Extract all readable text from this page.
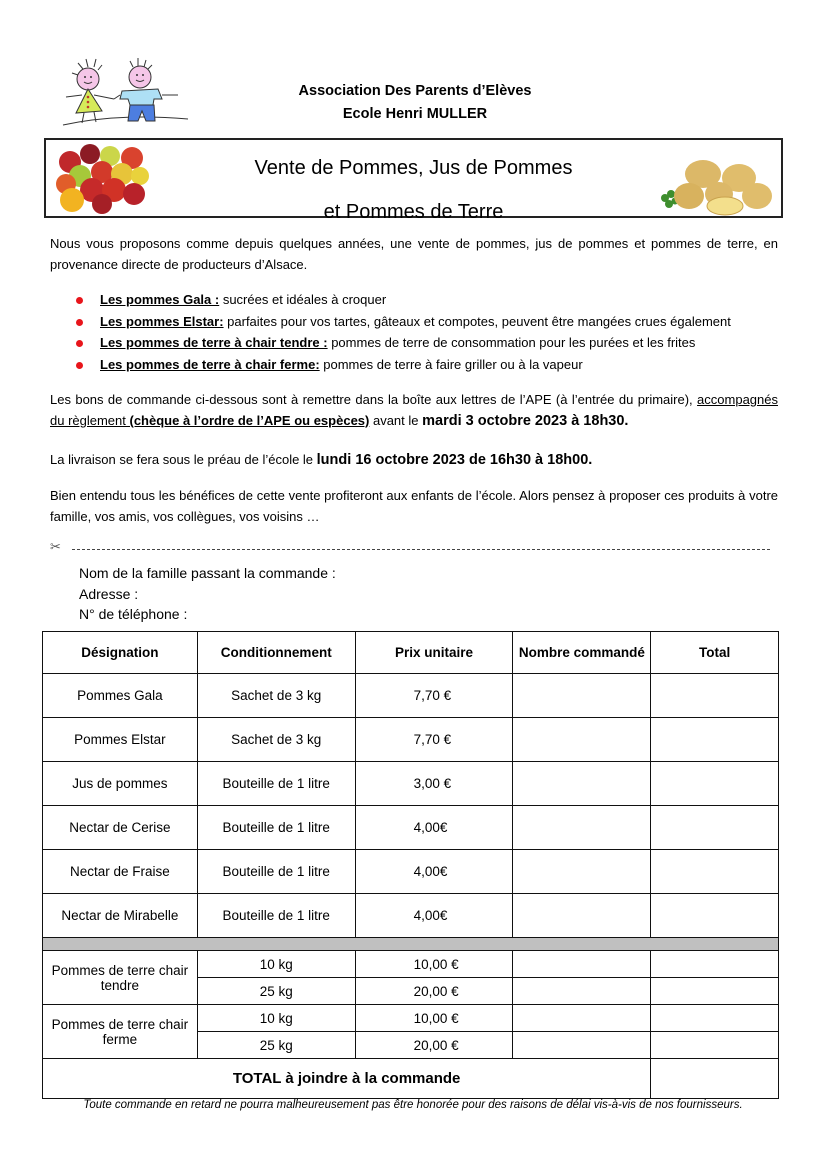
Association Des Parents d’Elèves
Ecole Henri MULLER
Vente de Pommes, Jus de Pommes
et Pommes de Terre

Nous vous proposons comme depuis quelques années, une vente de pommes, jus de pommes et pommes de terre, en provenance directe de producteurs d’Alsace.

Les pommes Gala : sucrées et idéales à croquer
Les pommes Elstar: parfaites pour vos tartes, gâteaux et compotes, peuvent être mangées crues également
Les pommes de terre à chair tendre : pommes de terre de consommation pour les purées et les frites
Les pommes de terre à chair ferme: pommes de terre à faire griller ou à la vapeur

Les bons de commande ci-dessous sont à remettre dans la boîte aux lettres de l’APE (à l’entrée du primaire), accompagnés du règlement (chèque à l’ordre de l’APE ou espèces) avant le mardi 3 octobre 2023 à 18h30.

La livraison se fera sous le préau de l’école le lundi 16 octobre 2023 de 16h30 à 18h00.

Bien entendu tous les bénéfices de cette vente profiteront aux enfants de l’école. Alors pensez à proposer ces produits à votre famille, vos amis, vos collègues, vos voisins …

✂
Nom de la famille passant la commande :
Adresse :
N° de téléphone :
Désignation	Conditionnement	Prix unitaire	Nombre commandé	Total
Pommes Gala	Sachet de 3 kg	7,70 €		
Pommes Elstar	Sachet de 3 kg	7,70 €		
Jus de pommes	Bouteille de 1 litre	3,00 €		
Nectar de Cerise	Bouteille de 1 litre	4,00€		
Nectar de Fraise	Bouteille de 1 litre	4,00€		
Nectar de Mirabelle	Bouteille de 1 litre	4,00€		

Pommes de terre chair tendre	10 kg	10,00 €		
	25 kg	20,00 €		
Pommes de terre chair ferme	10 kg	10,00 €		
	25 kg	20,00 €		
TOTAL à joindre à la commande				

Toute commande en retard ne pourra malheureusement pas être honorée pour des raisons de délai vis-à-vis de nos fournisseurs.
